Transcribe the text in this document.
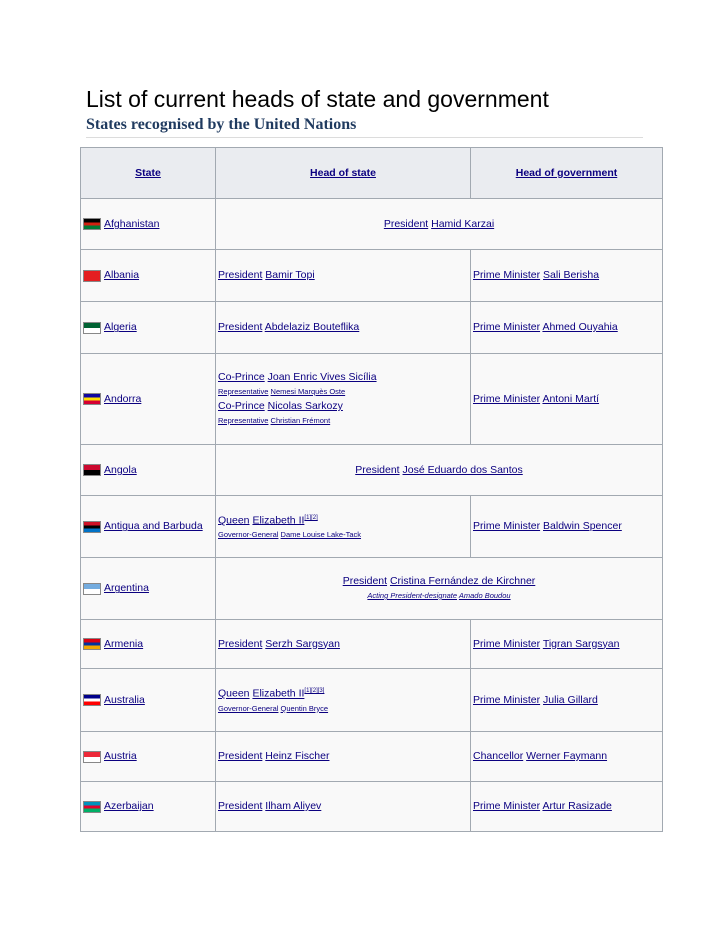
List of current heads of state and government
States recognised by the United Nations
State	Head of state	Head of government
Afghanistan	President Hamid Karzai	

Albania	President Bamir Topi	Prime Minister Sali Berisha

Algeria	President Abdelaziz Bouteflika	Prime Minister Ahmed Ouyahia

Andorra	Co-Prince Joan Enric Vives Sicília
Representative Nemesi Marquès Oste
Co-Prince Nicolas Sarkozy
Representative Christian Frémont	Prime Minister Antoni Martí

Angola	President José Eduardo dos Santos	

Antigua and Barbuda	Queen Elizabeth II[1][2]
Governor-General Dame Louise Lake-Tack	Prime Minister Baldwin Spencer

Argentina	President Cristina Fernández de Kirchner
Acting President-designate Amado Boudou	

Armenia	President Serzh Sargsyan	Prime Minister Tigran Sargsyan

Australia	Queen Elizabeth II[1][2][3]
Governor-General Quentin Bryce	Prime Minister Julia Gillard

Austria	President Heinz Fischer	Chancellor Werner Faymann

Azerbaijan	President Ilham Aliyev	Prime Minister Artur Rasizade
